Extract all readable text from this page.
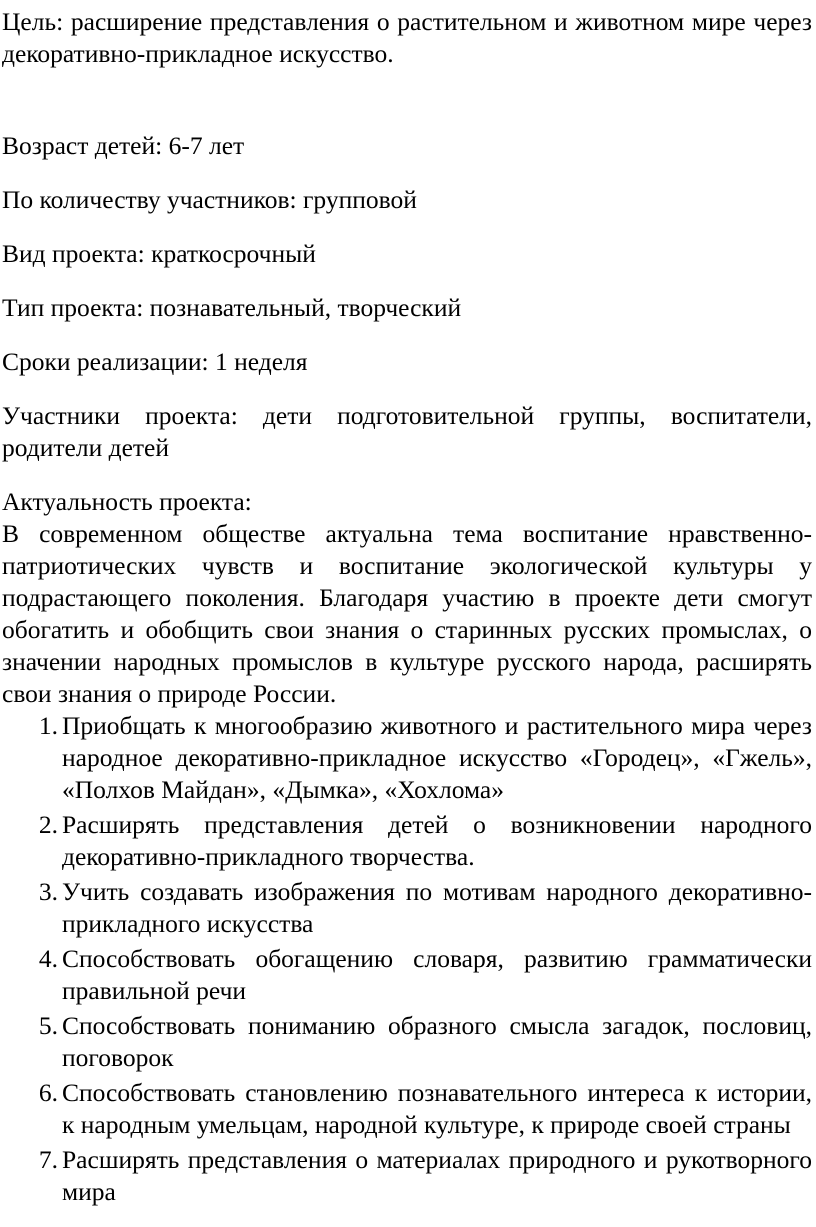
Цель: расширение представления о растительном и животном мире через декоративно-прикладное искусство.

Возраст детей: 6-7 лет

По количеству участников: групповой

Вид проекта: краткосрочный

Тип проекта: познавательный, творческий

Сроки реализации: 1 неделя

Участники проекта: дети подготовительной группы, воспитатели,

родители детей

Актуальность проекта:

В современном обществе актуальна тема воспитание нравственно-патриотических чувств и воспитание экологической культуры у подрастающего поколения. Благодаря участию в проекте дети смогут обогатить и обобщить свои знания о старинных русских промыслах, о значении народных промыслов в культуре русского народа, расширять свои знания о природе России.

1. Приобщать к многообразию животного и растительного мира через народное декоративно-прикладное искусство «Городец», «Гжель», «Полхов Майдан», «Дымка», «Хохлома»
2. Расширять представления детей о возникновении народного декоративно-прикладного творчества.
3. Учить создавать изображения по мотивам народного декоративно-прикладного искусства
4. Способствовать обогащению словаря, развитию грамматически правильной речи
5. Способствовать пониманию образного смысла загадок, пословиц, поговорок
6. Способствовать становлению познавательного интереса к истории, к народным умельцам, народной культуре, к природе своей страны
7. Расширять представления о материалах природного и рукотворного мира
